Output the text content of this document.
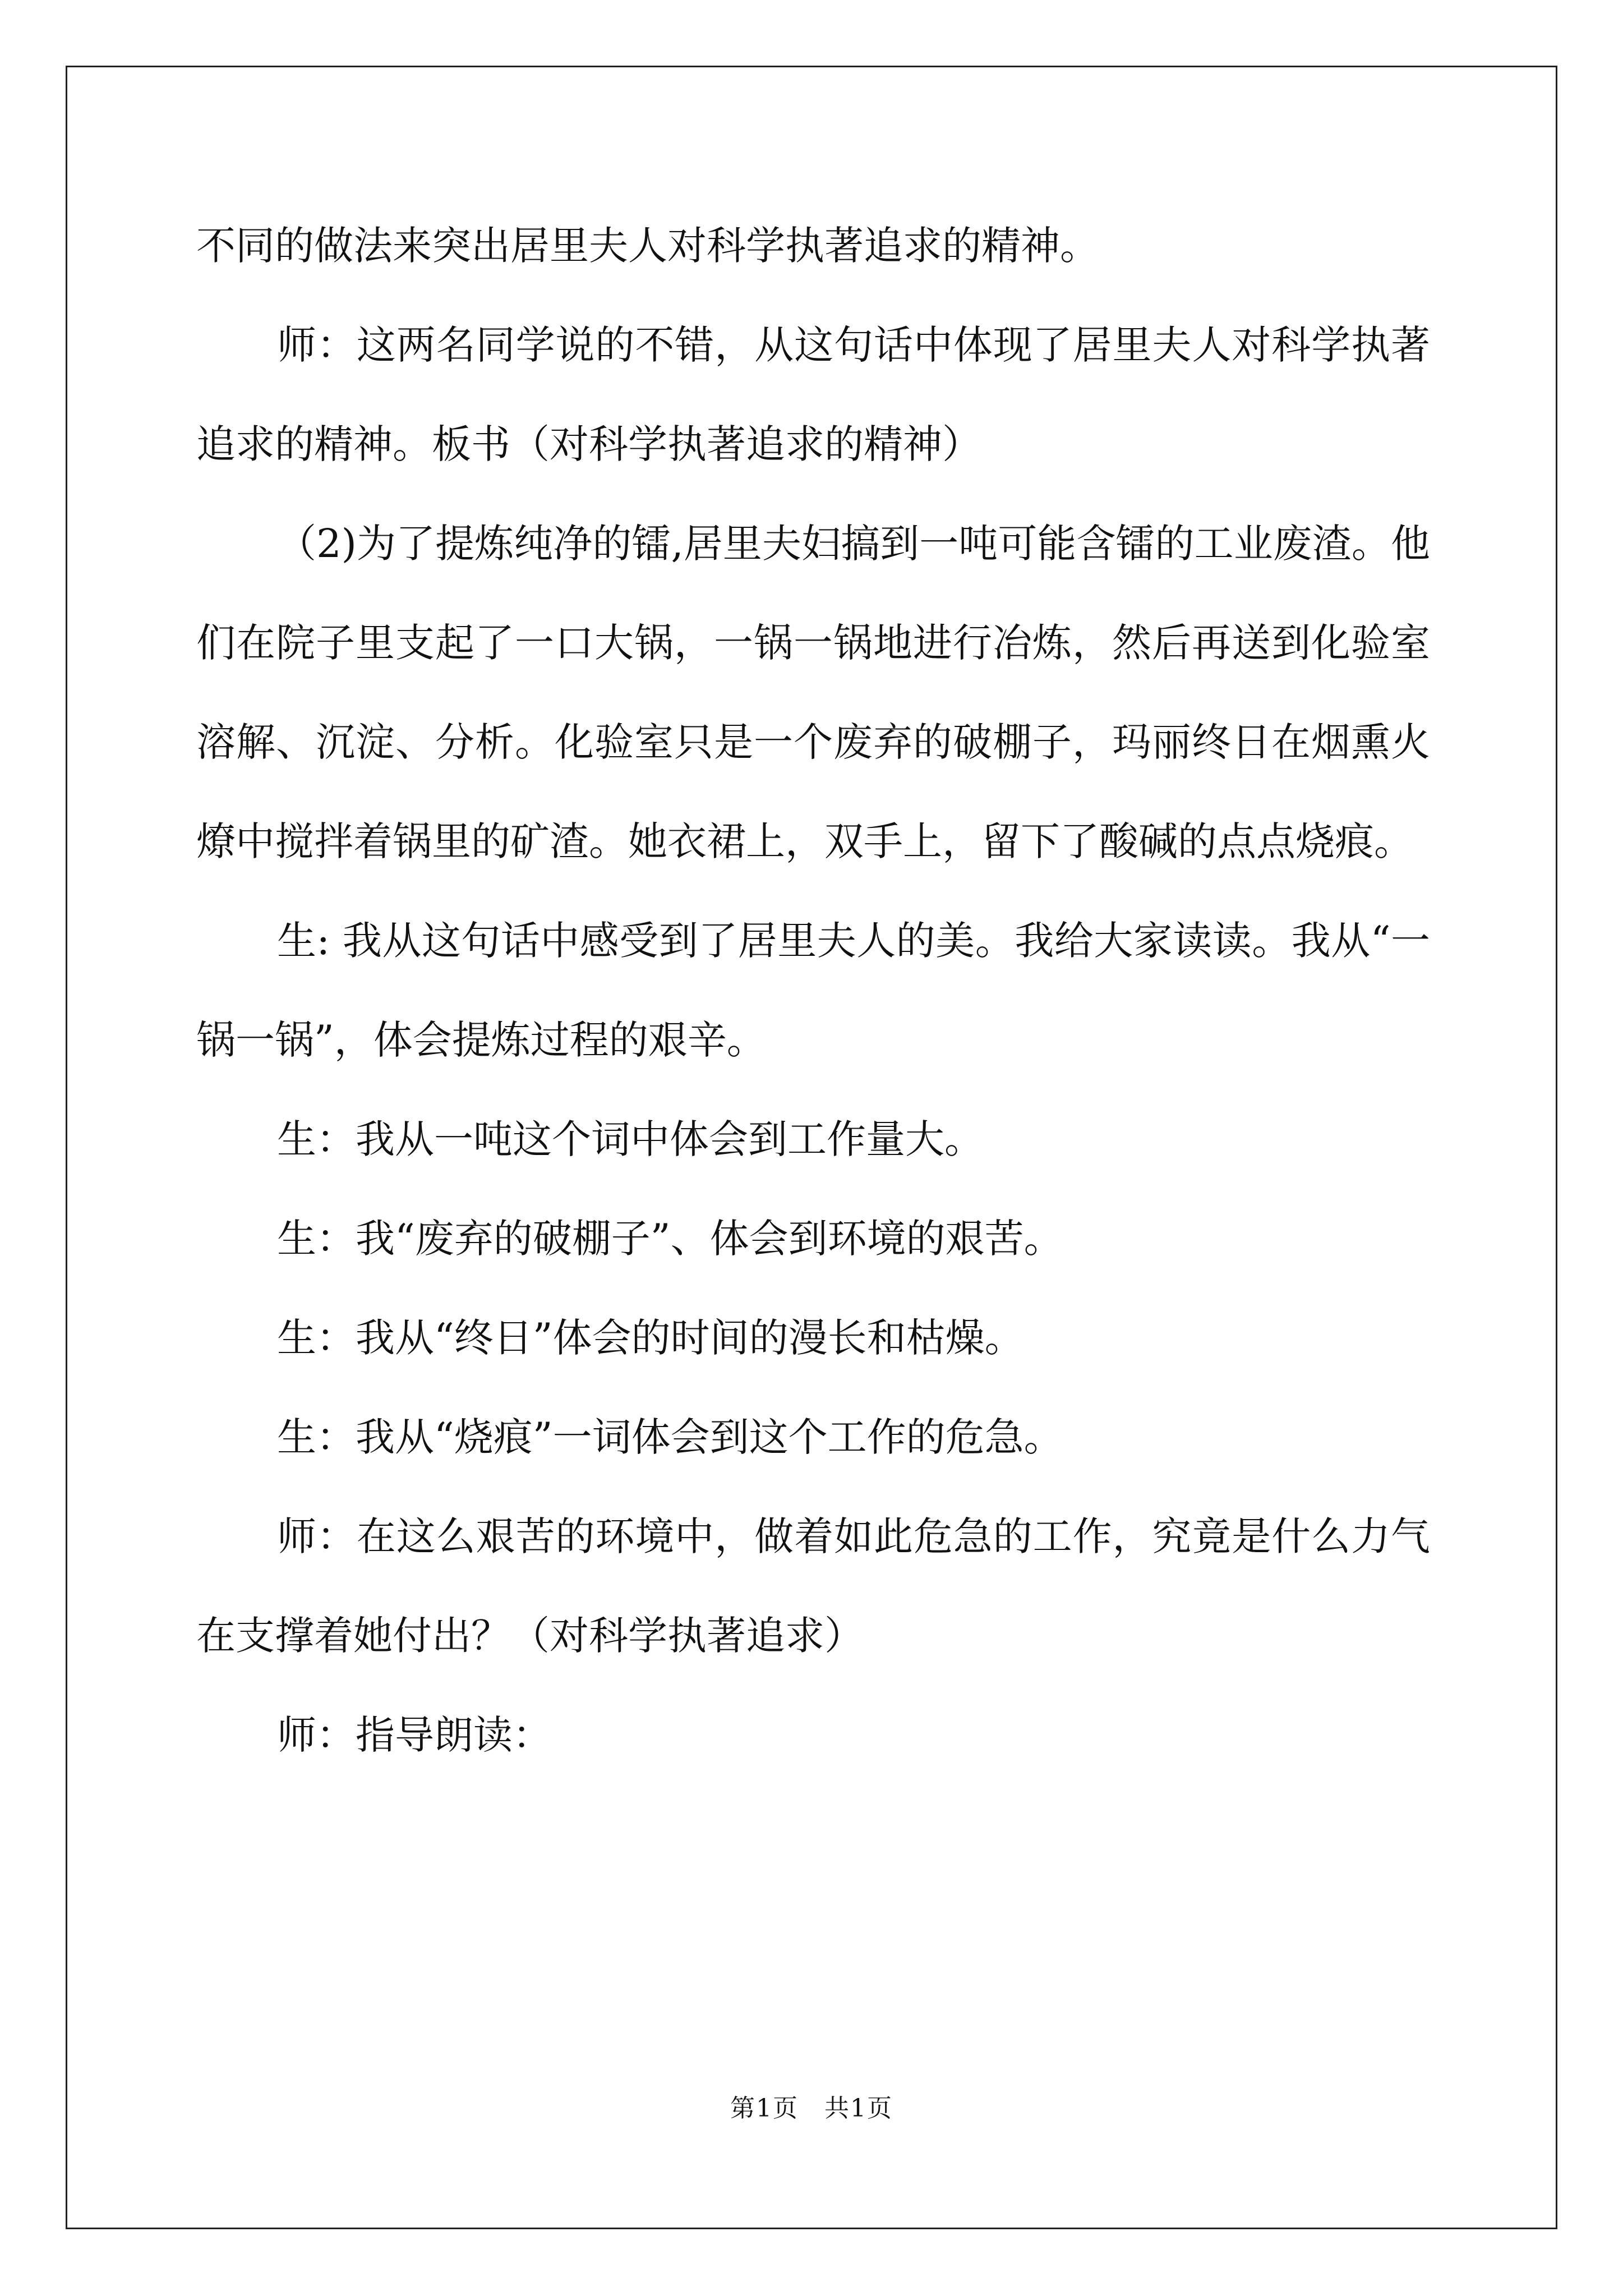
不同的做法来突出居里夫人对科学执著追求的精神。

师：这两名同学说的不错，从这句话中体现了居里夫人对科学执著追求的精神。板书（对科学执著追求的精神）

（2)为了提炼纯净的镭,居里夫妇搞到一吨可能含镭的工业废渣。他们在院子里支起了一口大锅，一锅一锅地进行冶炼，然后再送到化验室溶解、沉淀、分析。化验室只是一个废弃的破棚子，玛丽终日在烟熏火燎中搅拌着锅里的矿渣。她衣裙上，双手上，留下了酸碱的点点烧痕。

生: 我从这句话中感受到了居里夫人的美。我给大家读读。我从“一锅一锅”，体会提炼过程的艰辛。

生：我从一吨这个词中体会到工作量大。

生：我“废弃的破棚子”、体会到环境的艰苦。

生：我从“终日”体会的时间的漫长和枯燥。

生：我从“烧痕”一词体会到这个工作的危急。

师：在这么艰苦的环境中，做着如此危急的工作，究竟是什么力气在支撑着她付出？（对科学执著追求）

师：指导朗读：

第1页　共1页
